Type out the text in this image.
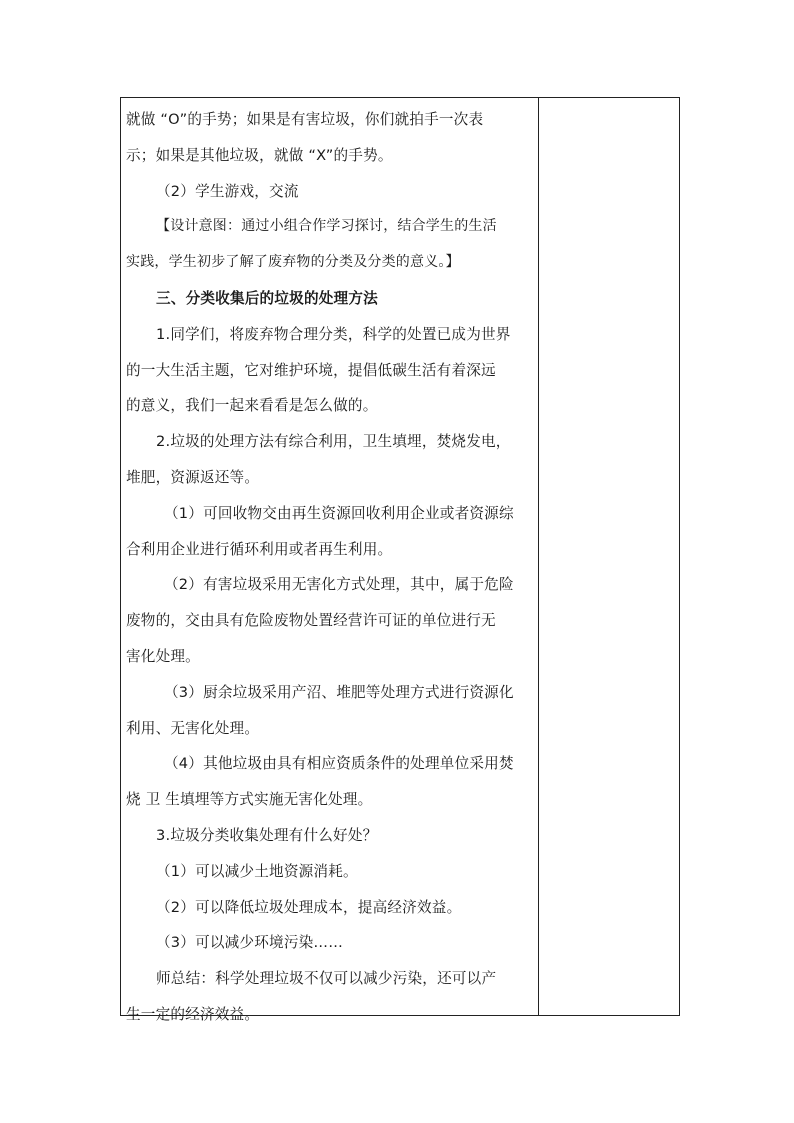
就做 “O”的手势；如果是有害垃圾，你们就拍手一次表

示；如果是其他垃圾，就做 “X”的手势。

（2）学生游戏，交流

【设计意图：通过小组合作学习探讨，结合学生的生活

实践，学生初步了解了废弃物的分类及分类的意义。】

三、分类收集后的垃圾的处理方法

1.同学们，将废弃物合理分类，科学的处置已成为世界

的一大生活主题，它对维护环境，提倡低碳生活有着深远

的意义，我们一起来看看是怎么做的。

2.垃圾的处理方法有综合利用，卫生填埋，焚烧发电，

堆肥，资源返还等。

（1）可回收物交由再生资源回收利用企业或者资源综

合利用企业进行循环利用或者再生利用。

（2）有害垃圾采用无害化方式处理，其中，属于危险

废物的，交由具有危险废物处置经营许可证的单位进行无

害化处理。

（3）厨余垃圾采用产沼、堆肥等处理方式进行资源化

利用、无害化处理。

（4）其他垃圾由具有相应资质条件的处理单位采用焚

烧 卫 生填埋等方式实施无害化处理。

3.垃圾分类收集处理有什么好处？

（1）可以减少土地资源消耗。

（2）可以降低垃圾处理成本，提高经济效益。

（3）可以减少环境污染……

师总结：科学处理垃圾不仅可以减少污染，还可以产

生一定的经济效益。
